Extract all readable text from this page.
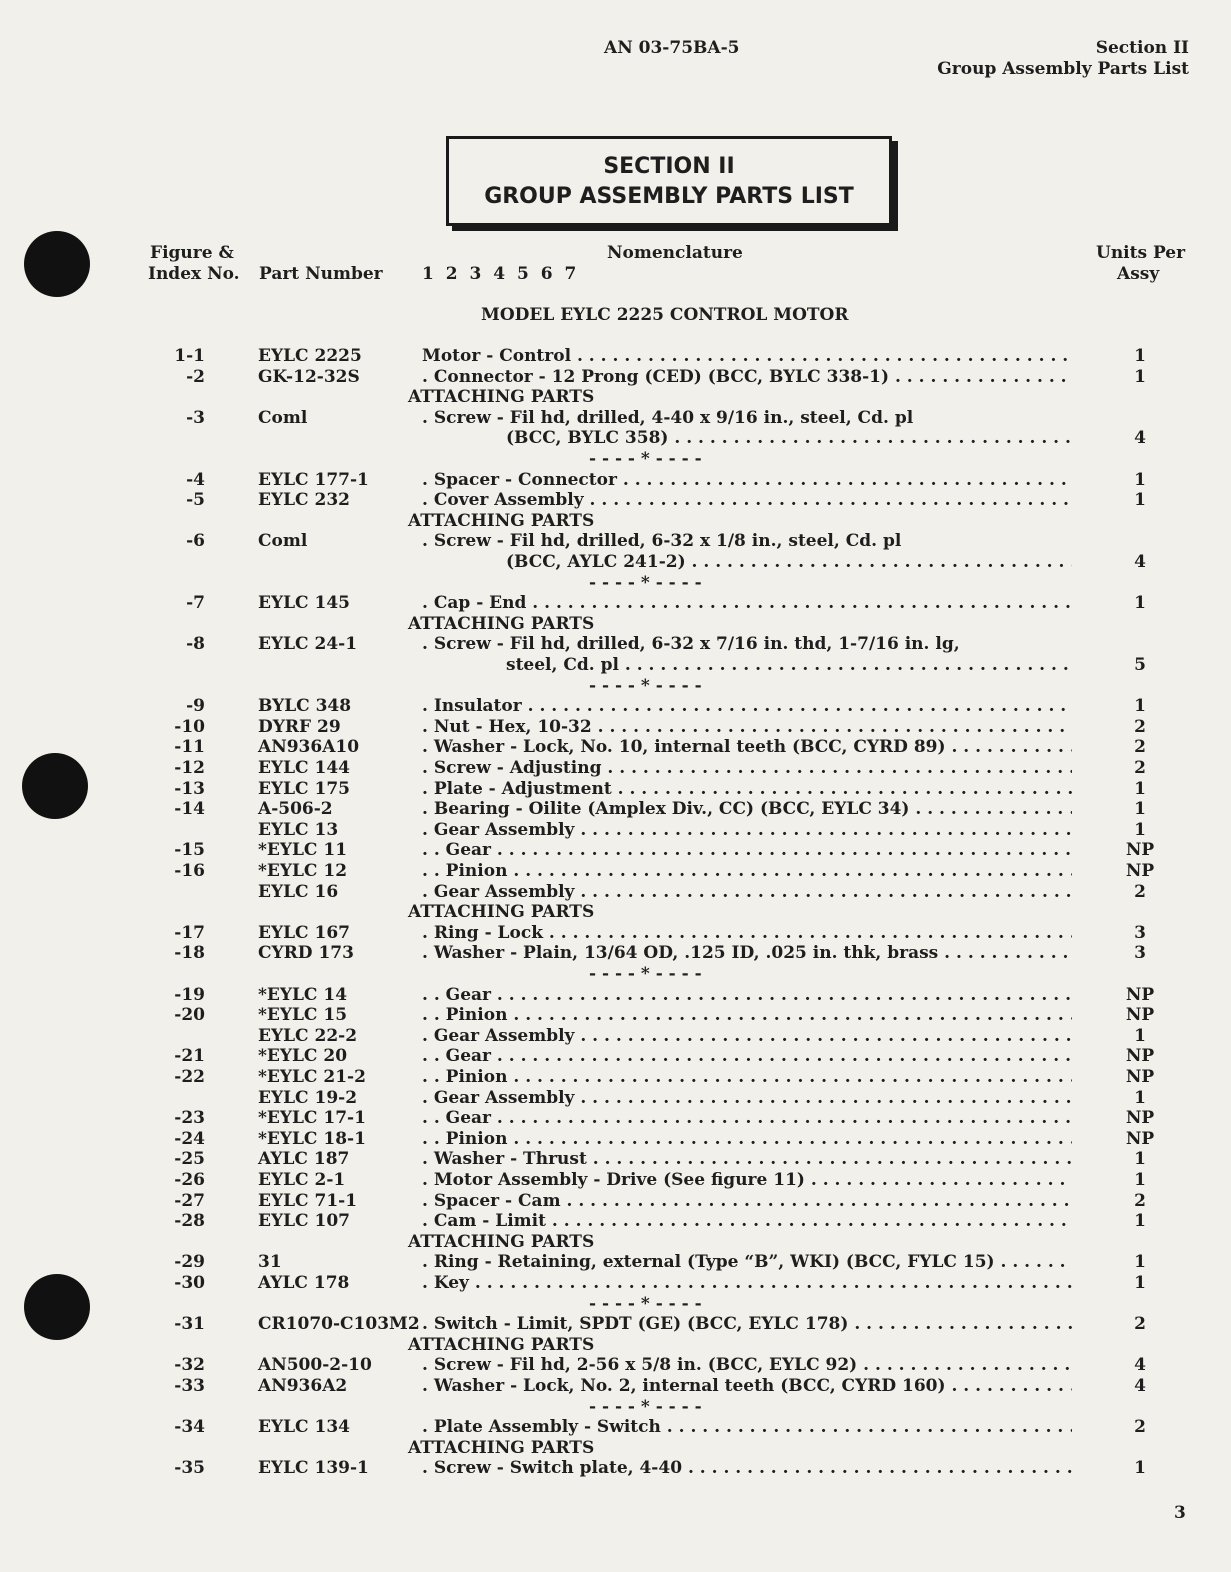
AN 03-75BA-5	Section II
Group Assembly Parts List
SECTION II
GROUP ASSEMBLY PARTS LIST
Figure &
Index No. Part Number
Nomenclature
1 2 3 4 5 6 7
Units Per
Assy
MODEL EYLC 2225 CONTROL MOTOR
1-1	EYLC 2225	Motor - Control . . .	1
-2	GK-12-32S	. Connector - 12 Prong (CED) (BCC, BYLC 338-1) . . .	1
ATTACHING PARTS
-3	Coml	. Screw - Fil hd, drilled, 4-40 x 9/16 in., steel, Cd. pl
(BCC, BYLC 358) . . .	4
- - - - * - - - -
-4	EYLC 177-1	. Spacer - Connector . . .	1
-5	EYLC 232	. Cover Assembly . . .	1
ATTACHING PARTS
-6	Coml	. Screw - Fil hd, drilled, 6-32 x 1/8 in., steel, Cd. pl
(BCC, AYLC 241-2) . . .	4
- - - - * - - - -
-7	EYLC 145	. Cap - End . . .	1
ATTACHING PARTS
-8	EYLC 24-1	. Screw - Fil hd, drilled, 6-32 x 7/16 in. thd, 1-7/16 in. lg,
steel, Cd. pl . . .	5
- - - - * - - - -
-9	BYLC 348	. Insulator . . .	1
-10	DYRF 29	. Nut - Hex, 10-32 . . .	2
-11	AN936A10	. Washer - Lock, No. 10, internal teeth (BCC, CYRD 89) . . .	2
-12	EYLC 144	. Screw - Adjusting . . .	2
-13	EYLC 175	. Plate - Adjustment . . .	1
-14	A-506-2	. Bearing - Oilite (Amplex Div., CC) (BCC, EYLC 34) . . .	1
EYLC 13	. Gear Assembly . . .	1
-15	*EYLC 11	. . Gear . . .	NP
-16	*EYLC 12	. . Pinion . . .	NP
EYLC 16	. Gear Assembly . . .	2
ATTACHING PARTS
-17	EYLC 167	. Ring - Lock . . .	3
-18	CYRD 173	. Washer - Plain, 13/64 OD, .125 ID, .025 in. thk, brass . . .	3
- - - - * - - - -
-19	*EYLC 14	. . Gear . . .	NP
-20	*EYLC 15	. . Pinion . . .	NP
EYLC 22-2	. Gear Assembly . . .	1
-21	*EYLC 20	. . Gear . . .	NP
-22	*EYLC 21-2	. . Pinion . . .	NP
EYLC 19-2	. Gear Assembly . . .	1
-23	*EYLC 17-1	. . Gear . . .	NP
-24	*EYLC 18-1	. . Pinion . . .	NP
-25	AYLC 187	. Washer - Thrust . . .	1
-26	EYLC 2-1	. Motor Assembly - Drive (See figure 11) . . .	1
-27	EYLC 71-1	. Spacer - Cam . . .	2
-28	EYLC 107	. Cam - Limit . . .	1
ATTACHING PARTS
-29	31	. Ring - Retaining, external (Type “B”, WKI) (BCC, FYLC 15) . . .	1
-30	AYLC 178	. Key . . .	1
- - - - * - - - -
-31	CR1070-C103M2 . Switch - Limit, SPDT (GE) (BCC, EYLC 178) . . .	2
ATTACHING PARTS
-32	AN500-2-10	. Screw - Fil hd, 2-56 x 5/8 in. (BCC, EYLC 92) . . .	4
-33	AN936A2	. Washer - Lock, No. 2, internal teeth (BCC, CYRD 160) . . .	4
- - - - * - - - -
-34	EYLC 134	. Plate Assembly - Switch . . .	2
ATTACHING PARTS
-35	EYLC 139-1	. Screw - Switch plate, 4-40 . . .	1
3
